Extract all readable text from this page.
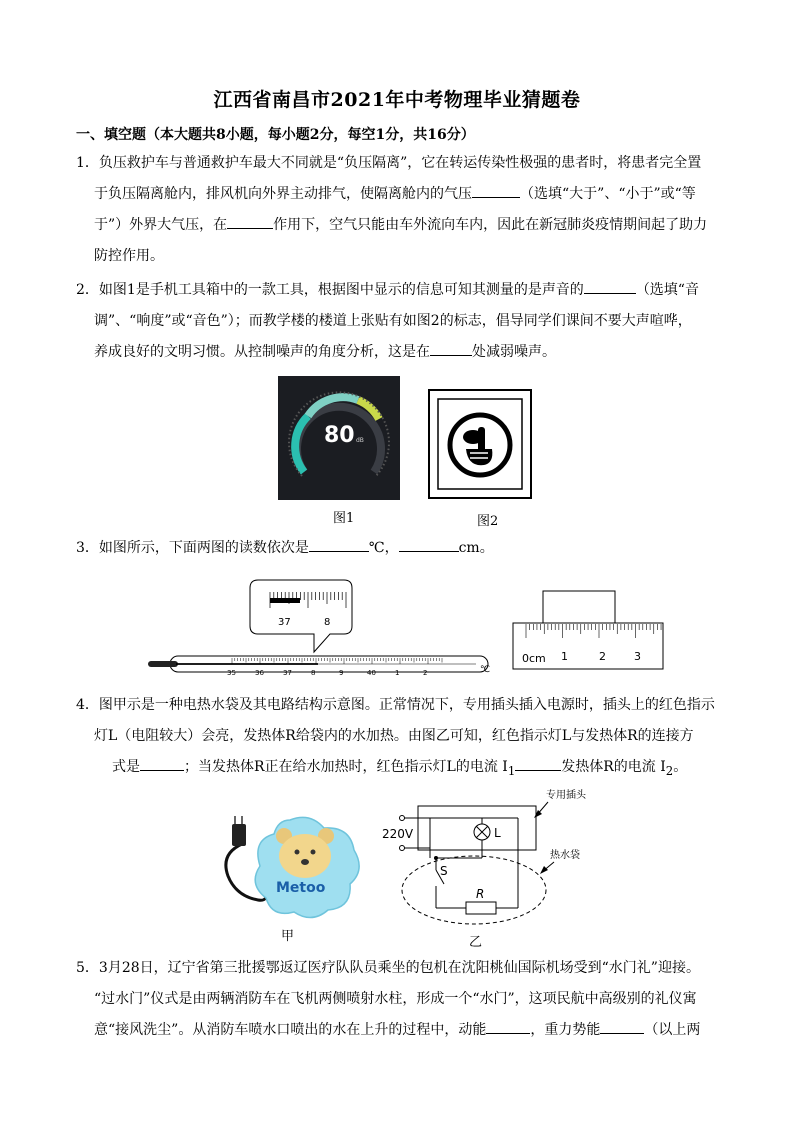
江西省南昌市2021年中考物理毕业猜题卷
一、填空题（本大题共8小题，每小题2分，每空1分，共16分）
1．负压救护车与普通救护车最大不同就是“负压隔离”，它在转运传染性极强的患者时，将患者完全置
于负压隔离舱内，排风机向外界主动排气，使隔离舱内的气压	（选填“大于”、“小于”或“等
于”）外界大气压，在	作用下，空气只能由车外流向车内，因此在新冠肺炎疫情期间起了助力
防控作用。
2．如图1是手机工具箱中的一款工具，根据图中显示的信息可知其测量的是声音的	（选填“音
调”、“响度”或“音色”）；而教学楼的楼道上张贴有如图2的标志，倡导同学们课间不要大声喧哗，
养成良好的文明习惯。从控制噪声的角度分析，这是在	处减弱噪声。
80 dB
图1	图2
3．如图所示，下面两图的读数依次是	℃，	cm。
37	8
35	36	37	8	9	40	1	2	℃
0cm 1	2	3
4．图甲示是一种电热水袋及其电路结构示意图。正常情况下，专用插头插入电源时，插头上的红色指示
灯L（电阻较大）会亮，发热体R给袋内的水加热。由图乙可知，红色指示灯L与发热体R的连接方
式是	；当发热体R正在给水加热时，红色指示灯L的电流 $I_1$	发热体R的电流 $I_2$。
Metoo
甲
220V	L
S
R
专用插头
热水袋
乙
5．3月28日，辽宁省第三批援鄂返辽医疗队队员乘坐的包机在沈阳桃仙国际机场受到“水门礼”迎接。
“过水门”仪式是由两辆消防车在飞机两侧喷射水柱，形成一个“水门”，这项民航中高级别的礼仪寓
意“接风洗尘”。从消防车喷水口喷出的水在上升的过程中，动能	，重力势能	（以上两
